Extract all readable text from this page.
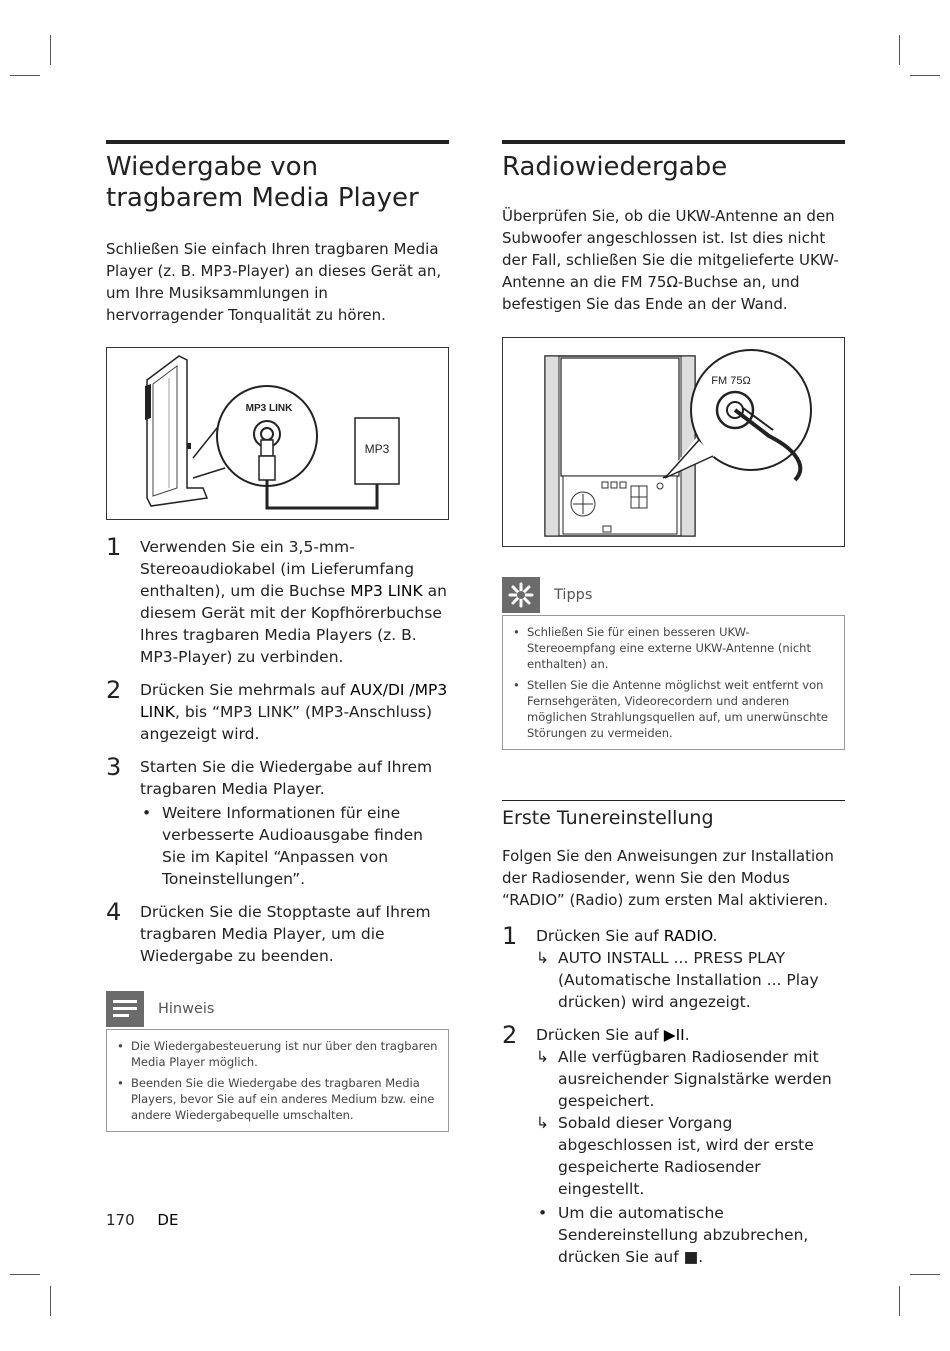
Wiedergabe von tragbarem Media Player

Schließen Sie einfach Ihren tragbaren Media Player (z. B. MP3-Player) an dieses Gerät an, um Ihre Musiksammlungen in hervorragender Tonqualität zu hören.

MP3 LINK
MP3
1 Verwenden Sie ein 3,5-mm-Stereoaudiokabel (im Lieferumfang enthalten), um die Buchse MP3 LINK an diesem Gerät mit der Kopfhörerbuchse Ihres tragbaren Media Players (z. B. MP3-Player) zu verbinden.
2 Drücken Sie mehrmals auf AUX/DI /MP3 LINK, bis “MP3 LINK” (MP3-Anschluss) angezeigt wird.
3 Starten Sie die Wiedergabe auf Ihrem tragbaren Media Player.
• Weitere Informationen für eine verbesserte Audioausgabe finden Sie im Kapitel “Anpassen von Toneinstellungen”.
4 Drücken Sie die Stopptaste auf Ihrem tragbaren Media Player, um die Wiedergabe zu beenden.
Hinweis
• Die Wiedergabesteuerung ist nur über den tragbaren Media Player möglich.
• Beenden Sie die Wiedergabe des tragbaren Media Players, bevor Sie auf ein anderes Medium bzw. eine andere Wiedergabequelle umschalten.
Radiowiedergabe

Überprüfen Sie, ob die UKW-Antenne an den Subwoofer angeschlossen ist. Ist dies nicht der Fall, schließen Sie die mitgelieferte UKW-Antenne an die FM 75Ω-Buchse an, und befestigen Sie das Ende an der Wand.

FM 75Ω
Tipps
• Schließen Sie für einen besseren UKW-Stereoempfang eine externe UKW-Antenne (nicht enthalten) an.
• Stellen Sie die Antenne möglichst weit entfernt von Fernsehgeräten, Videorecordern und anderen möglichen Strahlungsquellen auf, um unerwünschte Störungen zu vermeiden.
Erste Tunereinstellung

Folgen Sie den Anweisungen zur Installation der Radiosender, wenn Sie den Modus “RADIO” (Radio) zum ersten Mal aktivieren.

1 Drücken Sie auf RADIO.
↳ AUTO INSTALL ... PRESS PLAY (Automatische Installation ... Play drücken) wird angezeigt.
2 Drücken Sie auf ▶II.
↳ Alle verfügbaren Radiosender mit ausreichender Signalstärke werden gespeichert.
↳ Sobald dieser Vorgang abgeschlossen ist, wird der erste gespeicherte Radiosender eingestellt.
• Um die automatische Sendereinstellung abzubrechen, drücken Sie auf ■.
170 DE
